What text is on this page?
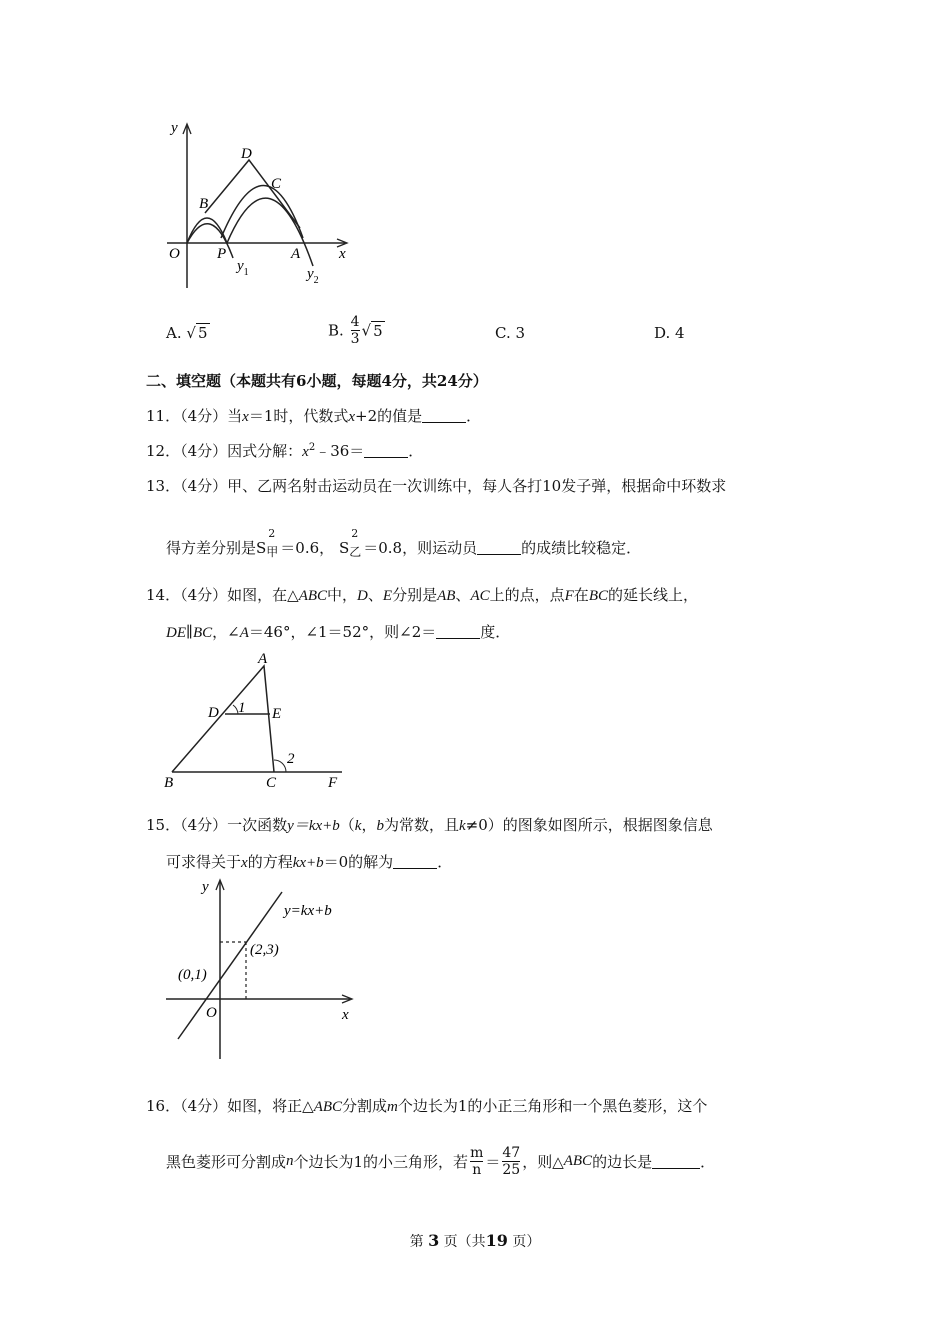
y
x
O
B
D
C
P	A
$y_1$	$y_2$
A. √ 5	B. $\frac{4}{3}$ √ 5	C. 3	D. 4
二、填空题（本题共有6小题，每题4分，共24分）
11．（4分）当x＝1时，代数式x+2的值是	．
12．（4分）因式分解：$x^2﹣36=$	．
13．（4分）甲、乙两名射击运动员在一次训练中，每人各打10发子弹，根据命中环数求
得方差分别是S
2
甲 ＝0.6， S
2
乙 ＝0.8，则运动员	的成绩比较稳定．
14．（4分）如图，在△ABC中，D、E分别是AB、AC上的点，点F在BC的延长线上，
DE∥BC，∠A＝46°，∠1＝52°，则∠2＝	度．
A
D 1 E
2
B	C	F
15．（4分）一次函数y＝kx+b（k，b为常数，且k≠0）的图象如图所示，根据图象信息
可求得关于x的方程kx+b＝0的解为	．
y
x
O
y=kx+b
(2,3)
(0,1)
16．（4分）如图，将正△ABC分割成m个边长为1的小正三角形和一个黑色菱形，这个
黑色菱形可分割成n个边长为1的小三角形，若 $\frac{m}{n} = \frac{47}{25}$ ，则△ABC的边长是	．
第 3 页（共19 页）
